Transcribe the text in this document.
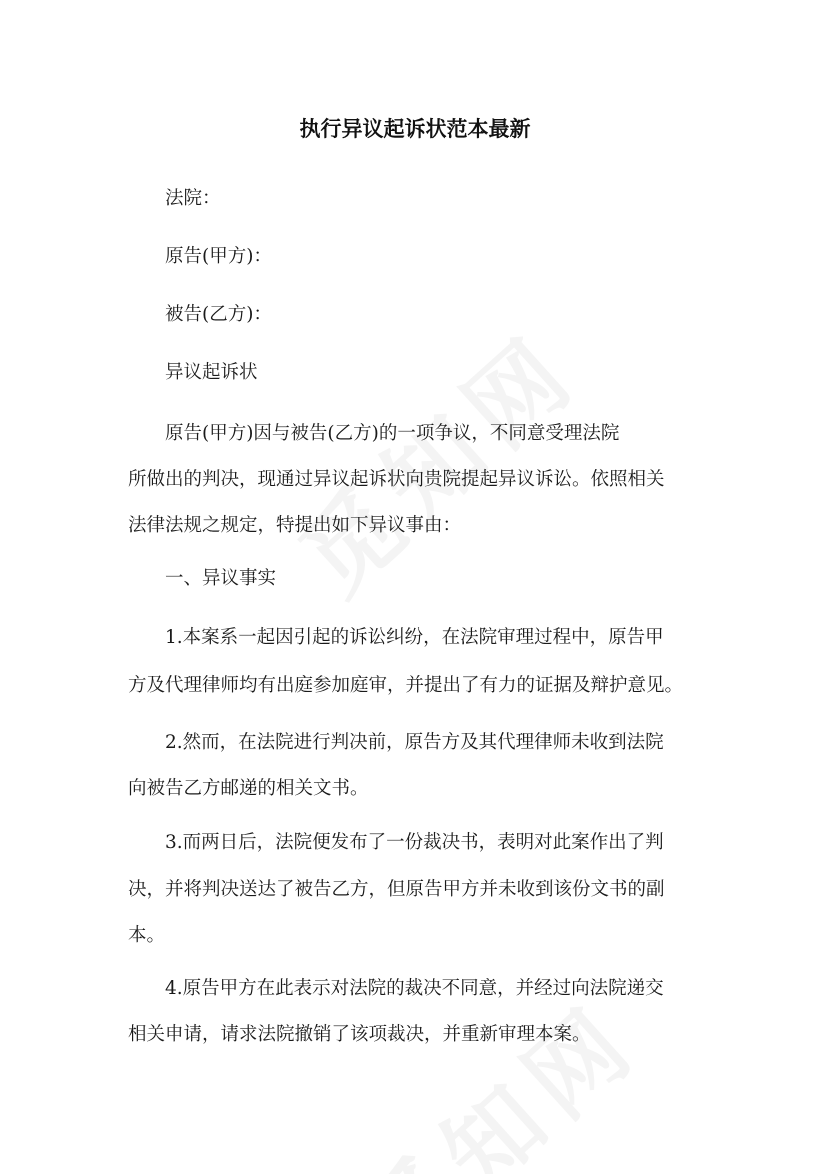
执行异议起诉状范本最新
法院：
原告(甲方)：
被告(乙方)：
异议起诉状
原告(甲方)因与被告(乙方)的一项争议，不同意受理法院
所做出的判决，现通过异议起诉状向贵院提起异议诉讼。依照相关
法律法规之规定，特提出如下异议事由：
一、异议事实
1.本案系一起因引起的诉讼纠纷，在法院审理过程中，原告甲
方及代理律师均有出庭参加庭审，并提出了有力的证据及辩护意见。
2.然而，在法院进行判决前，原告方及其代理律师未收到法院
向被告乙方邮递的相关文书。
3.而两日后，法院便发布了一份裁决书，表明对此案作出了判
决，并将判决送达了被告乙方，但原告甲方并未收到该份文书的副
本。
4.原告甲方在此表示对法院的裁决不同意，并经过向法院递交
相关申请，请求法院撤销了该项裁决，并重新审理本案。
